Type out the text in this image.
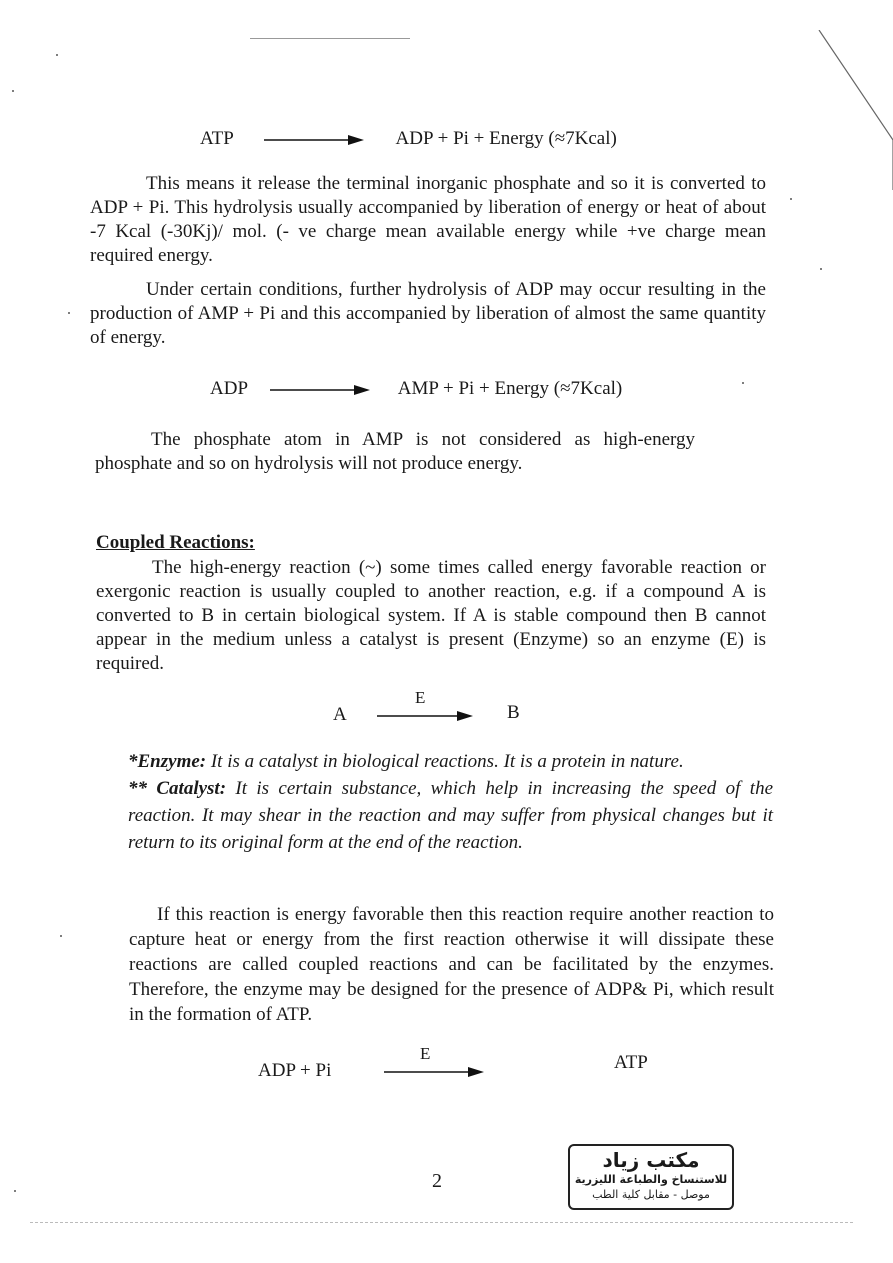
ATP	ADP + Pi + Energy (≈7Kcal)
This means it release the terminal inorganic phosphate and so it is converted to ADP + Pi. This hydrolysis usually accompanied by liberation of energy or heat of about -7 Kcal (-30Kj)/ mol. (- ve charge mean available energy while +ve charge mean required energy.
Under certain conditions, further hydrolysis of ADP may occur resulting in the production of AMP + Pi and this accompanied by liberation of almost the same quantity of energy.
ADP	AMP + Pi + Energy (≈7Kcal)
The phosphate atom in AMP is not considered as high-energy phosphate and so on hydrolysis will not produce energy.
Coupled Reactions:
The high-energy reaction (~) some times called energy favorable reaction or exergonic reaction is usually coupled to another reaction, e.g. if a compound A is converted to B in certain biological system. If A is stable compound then B cannot appear in the medium unless a catalyst is present (Enzyme) so an enzyme (E) is required.
A
E
B

*Enzyme: It is a catalyst in biological reactions. It is a protein in nature.

** Catalyst: It is certain substance, which help in increasing the speed of the reaction. It may shear in the reaction and may suffer from physical changes but it return to its original form at the end of the reaction.

If this reaction is energy favorable then this reaction require another reaction to capture heat or energy from the first reaction otherwise it will dissipate these reactions are called coupled reactions and can be facilitated by the enzymes. Therefore, the enzyme may be designed for the presence of ADP& Pi, which result in the formation of ATP.
ADP + Pi
E	ATP
2
مكتب زياد
للاستنساخ والطباعة الليزرية
موصل - مقابل كلية الطب
